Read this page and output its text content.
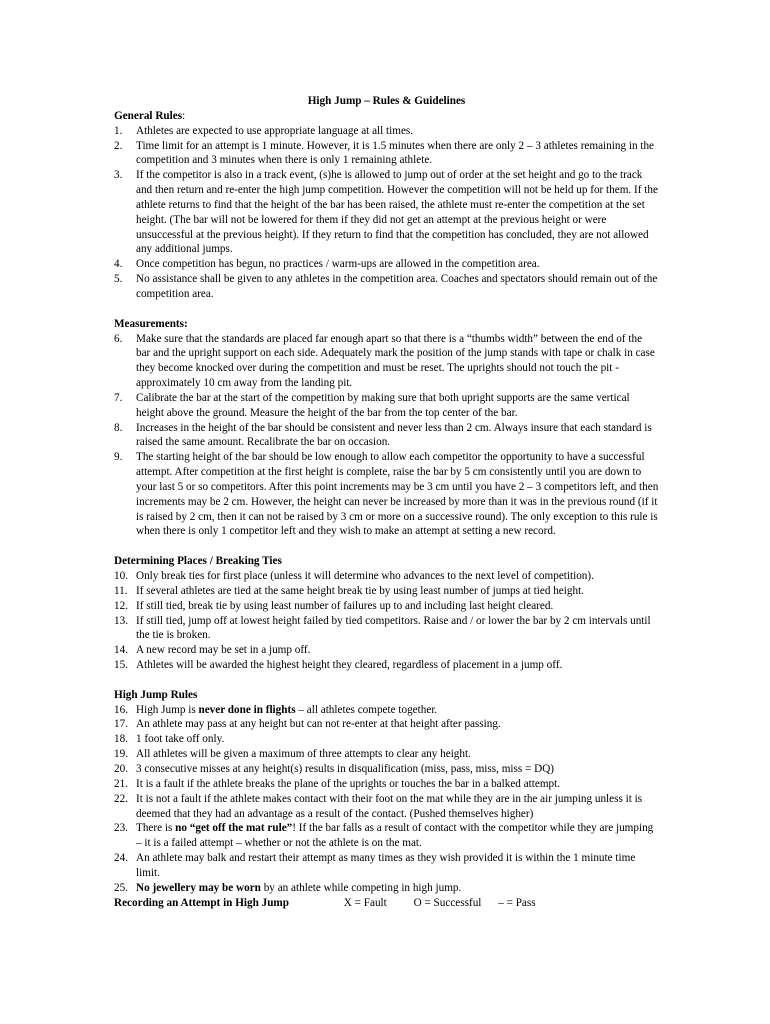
High Jump – Rules & Guidelines
General Rules:
1.	Athletes are expected to use appropriate language at all times.
2.	Time limit for an attempt is 1 minute. However, it is 1.5 minutes when there are only 2 – 3 athletes remaining in the competition and 3 minutes when there is only 1 remaining athlete.
3.	If the competitor is also in a track event, (s)he is allowed to jump out of order at the set height and go to the track and then return and re-enter the high jump competition. However the competition will not be held up for them. If the athlete returns to find that the height of the bar has been raised, the athlete must re-enter the competition at the set height. (The bar will not be lowered for them if they did not get an attempt at the previous height or were unsuccessful at the previous height). If they return to find that the competition has concluded, they are not allowed any additional jumps.
4.	Once competition has begun, no practices / warm-ups are allowed in the competition area.
5.	No assistance shall be given to any athletes in the competition area. Coaches and spectators should remain out of the competition area.
Measurements:
6.	Make sure that the standards are placed far enough apart so that there is a “thumbs width” between the end of the bar and the upright support on each side. Adequately mark the position of the jump stands with tape or chalk in case they become knocked over during the competition and must be reset. The uprights should not touch the pit - approximately 10 cm away from the landing pit.
7.	Calibrate the bar at the start of the competition by making sure that both upright supports are the same vertical height above the ground. Measure the height of the bar from the top center of the bar.
8.	Increases in the height of the bar should be consistent and never less than 2 cm. Always insure that each standard is raised the same amount. Recalibrate the bar on occasion.
9.	The starting height of the bar should be low enough to allow each competitor the opportunity to have a successful attempt. After competition at the first height is complete, raise the bar by 5 cm consistently until you are down to your last 5 or so competitors. After this point increments may be 3 cm until you have 2 – 3 competitors left, and then increments may be 2 cm. However, the height can never be increased by more than it was in the previous round (if it is raised by 2 cm, then it can not be raised by 3 cm or more on a successive round). The only exception to this rule is when there is only 1 competitor left and they wish to make an attempt at setting a new record.
Determining Places / Breaking Ties
10. Only break ties for first place (unless it will determine who advances to the next level of competition).
11. If several athletes are tied at the same height break tie by using least number of jumps at tied height.
12. If still tied, break tie by using least number of failures up to and including last height cleared.
13. If still tied, jump off at lowest height failed by tied competitors. Raise and / or lower the bar by 2 cm intervals until the tie is broken.
14. A new record may be set in a jump off.
15. Athletes will be awarded the highest height they cleared, regardless of placement in a jump off.
High Jump Rules
16. High Jump is never done in flights – all athletes compete together.
17. An athlete may pass at any height but can not re-enter at that height after passing.
18. 1 foot take off only.
19. All athletes will be given a maximum of three attempts to clear any height.
20. 3 consecutive misses at any height(s) results in disqualification (miss, pass, miss, miss = DQ)
21. It is a fault if the athlete breaks the plane of the uprights or touches the bar in a balked attempt.
22. It is not a fault if the athlete makes contact with their foot on the mat while they are in the air jumping unless it is deemed that they had an advantage as a result of the contact. (Pushed themselves higher)
23. There is no “get off the mat rule”! If the bar falls as a result of contact with the competitor while they are jumping – it is a failed attempt – whether or not the athlete is on the mat.
24. An athlete may balk and restart their attempt as many times as they wish provided it is within the 1 minute time limit.
25. No jewellery may be worn by an athlete while competing in high jump.
Recording an Attempt in High Jump	X = Fault O = Successful – = Pass
